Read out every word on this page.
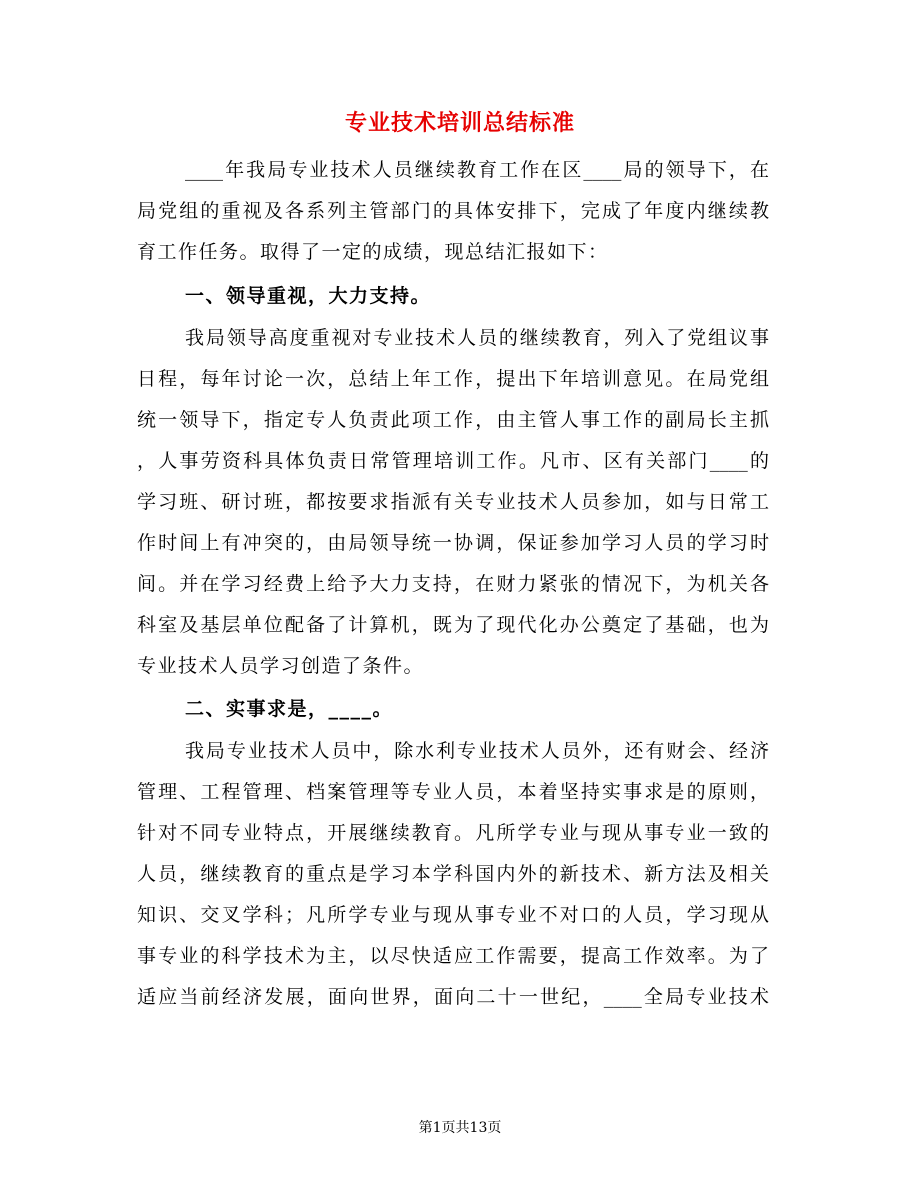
专业技术培训总结标准

____年我局专业技术人员继续教育工作在区____局的领导下，在

局党组的重视及各系列主管部门的具体安排下，完成了年度内继续教

育工作任务。取得了一定的成绩，现总结汇报如下：

一、领导重视，大力支持。

我局领导高度重视对专业技术人员的继续教育，列入了党组议事

日程，每年讨论一次，总结上年工作，提出下年培训意见。在局党组

统一领导下，指定专人负责此项工作，由主管人事工作的副局长主抓

，人事劳资科具体负责日常管理培训工作。凡市、区有关部门____的

学习班、研讨班，都按要求指派有关专业技术人员参加，如与日常工

作时间上有冲突的，由局领导统一协调，保证参加学习人员的学习时

间。并在学习经费上给予大力支持，在财力紧张的情况下，为机关各

科室及基层单位配备了计算机，既为了现代化办公奠定了基础，也为

专业技术人员学习创造了条件。

二、实事求是，____。

我局专业技术人员中，除水利专业技术人员外，还有财会、经济

管理、工程管理、档案管理等专业人员，本着坚持实事求是的原则，

针对不同专业特点，开展继续教育。凡所学专业与现从事专业一致的

人员，继续教育的重点是学习本学科国内外的新技术、新方法及相关

知识、交叉学科；凡所学专业与现从事专业不对口的人员，学习现从

事专业的科学技术为主，以尽快适应工作需要，提高工作效率。为了

适应当前经济发展，面向世界，面向二十一世纪，____全局专业技术

第1页共13页
